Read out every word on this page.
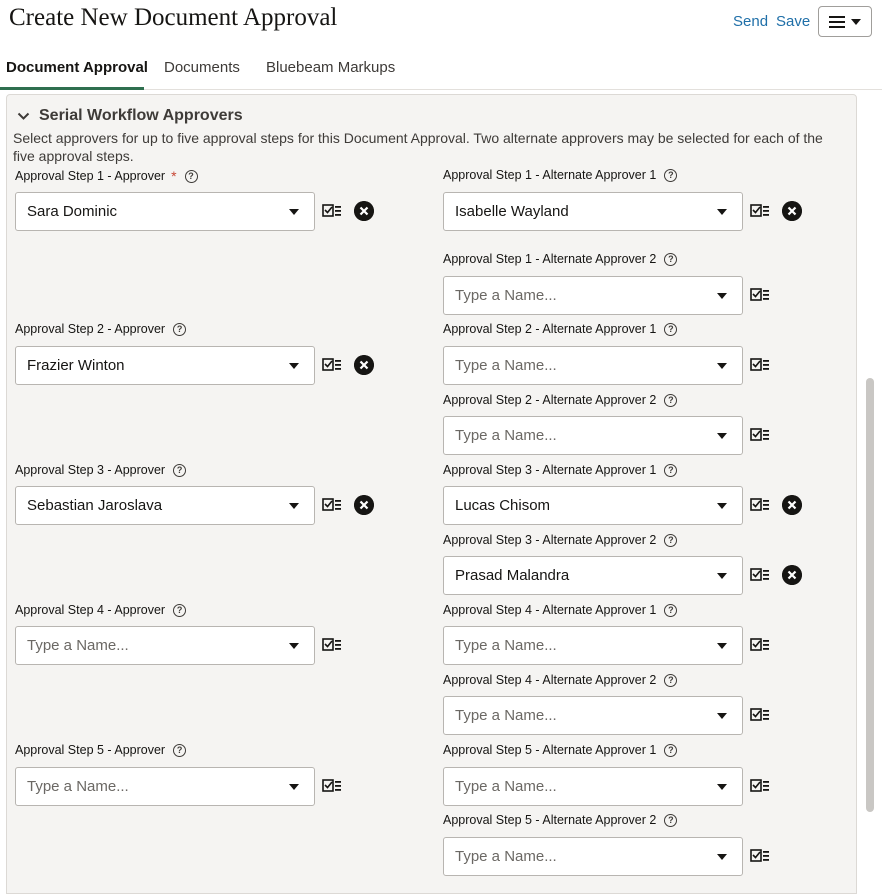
Create New Document Approval	Send Save
Document Approval Documents Bluebeam Markups
Serial Workflow Approvers
Select approvers for up to five approval steps for this Document Approval. Two alternate approvers may be selected for each of the five approval steps.
Approval Step 1 - Approver *	?
Sara Dominic
Approval Step 1 - Alternate Approver 1	?
Isabelle Wayland
Approval Step 1 - Alternate Approver 2	?
Type a Name...
Approval Step 2 - Approver	?
Frazier Winton
Approval Step 2 - Alternate Approver 1	?
Type a Name...
Approval Step 2 - Alternate Approver 2	?
Type a Name...
Approval Step 3 - Approver	?
Sebastian Jaroslava
Approval Step 3 - Alternate Approver 1	?
Lucas Chisom
Approval Step 3 - Alternate Approver 2	?
Prasad Malandra
Approval Step 4 - Approver	?
Type a Name...
Approval Step 4 - Alternate Approver 1	?
Type a Name...
Approval Step 4 - Alternate Approver 2	?
Type a Name...
Approval Step 5 - Approver	?
Type a Name...
Approval Step 5 - Alternate Approver 1	?
Type a Name...
Approval Step 5 - Alternate Approver 2	?
Type a Name...
